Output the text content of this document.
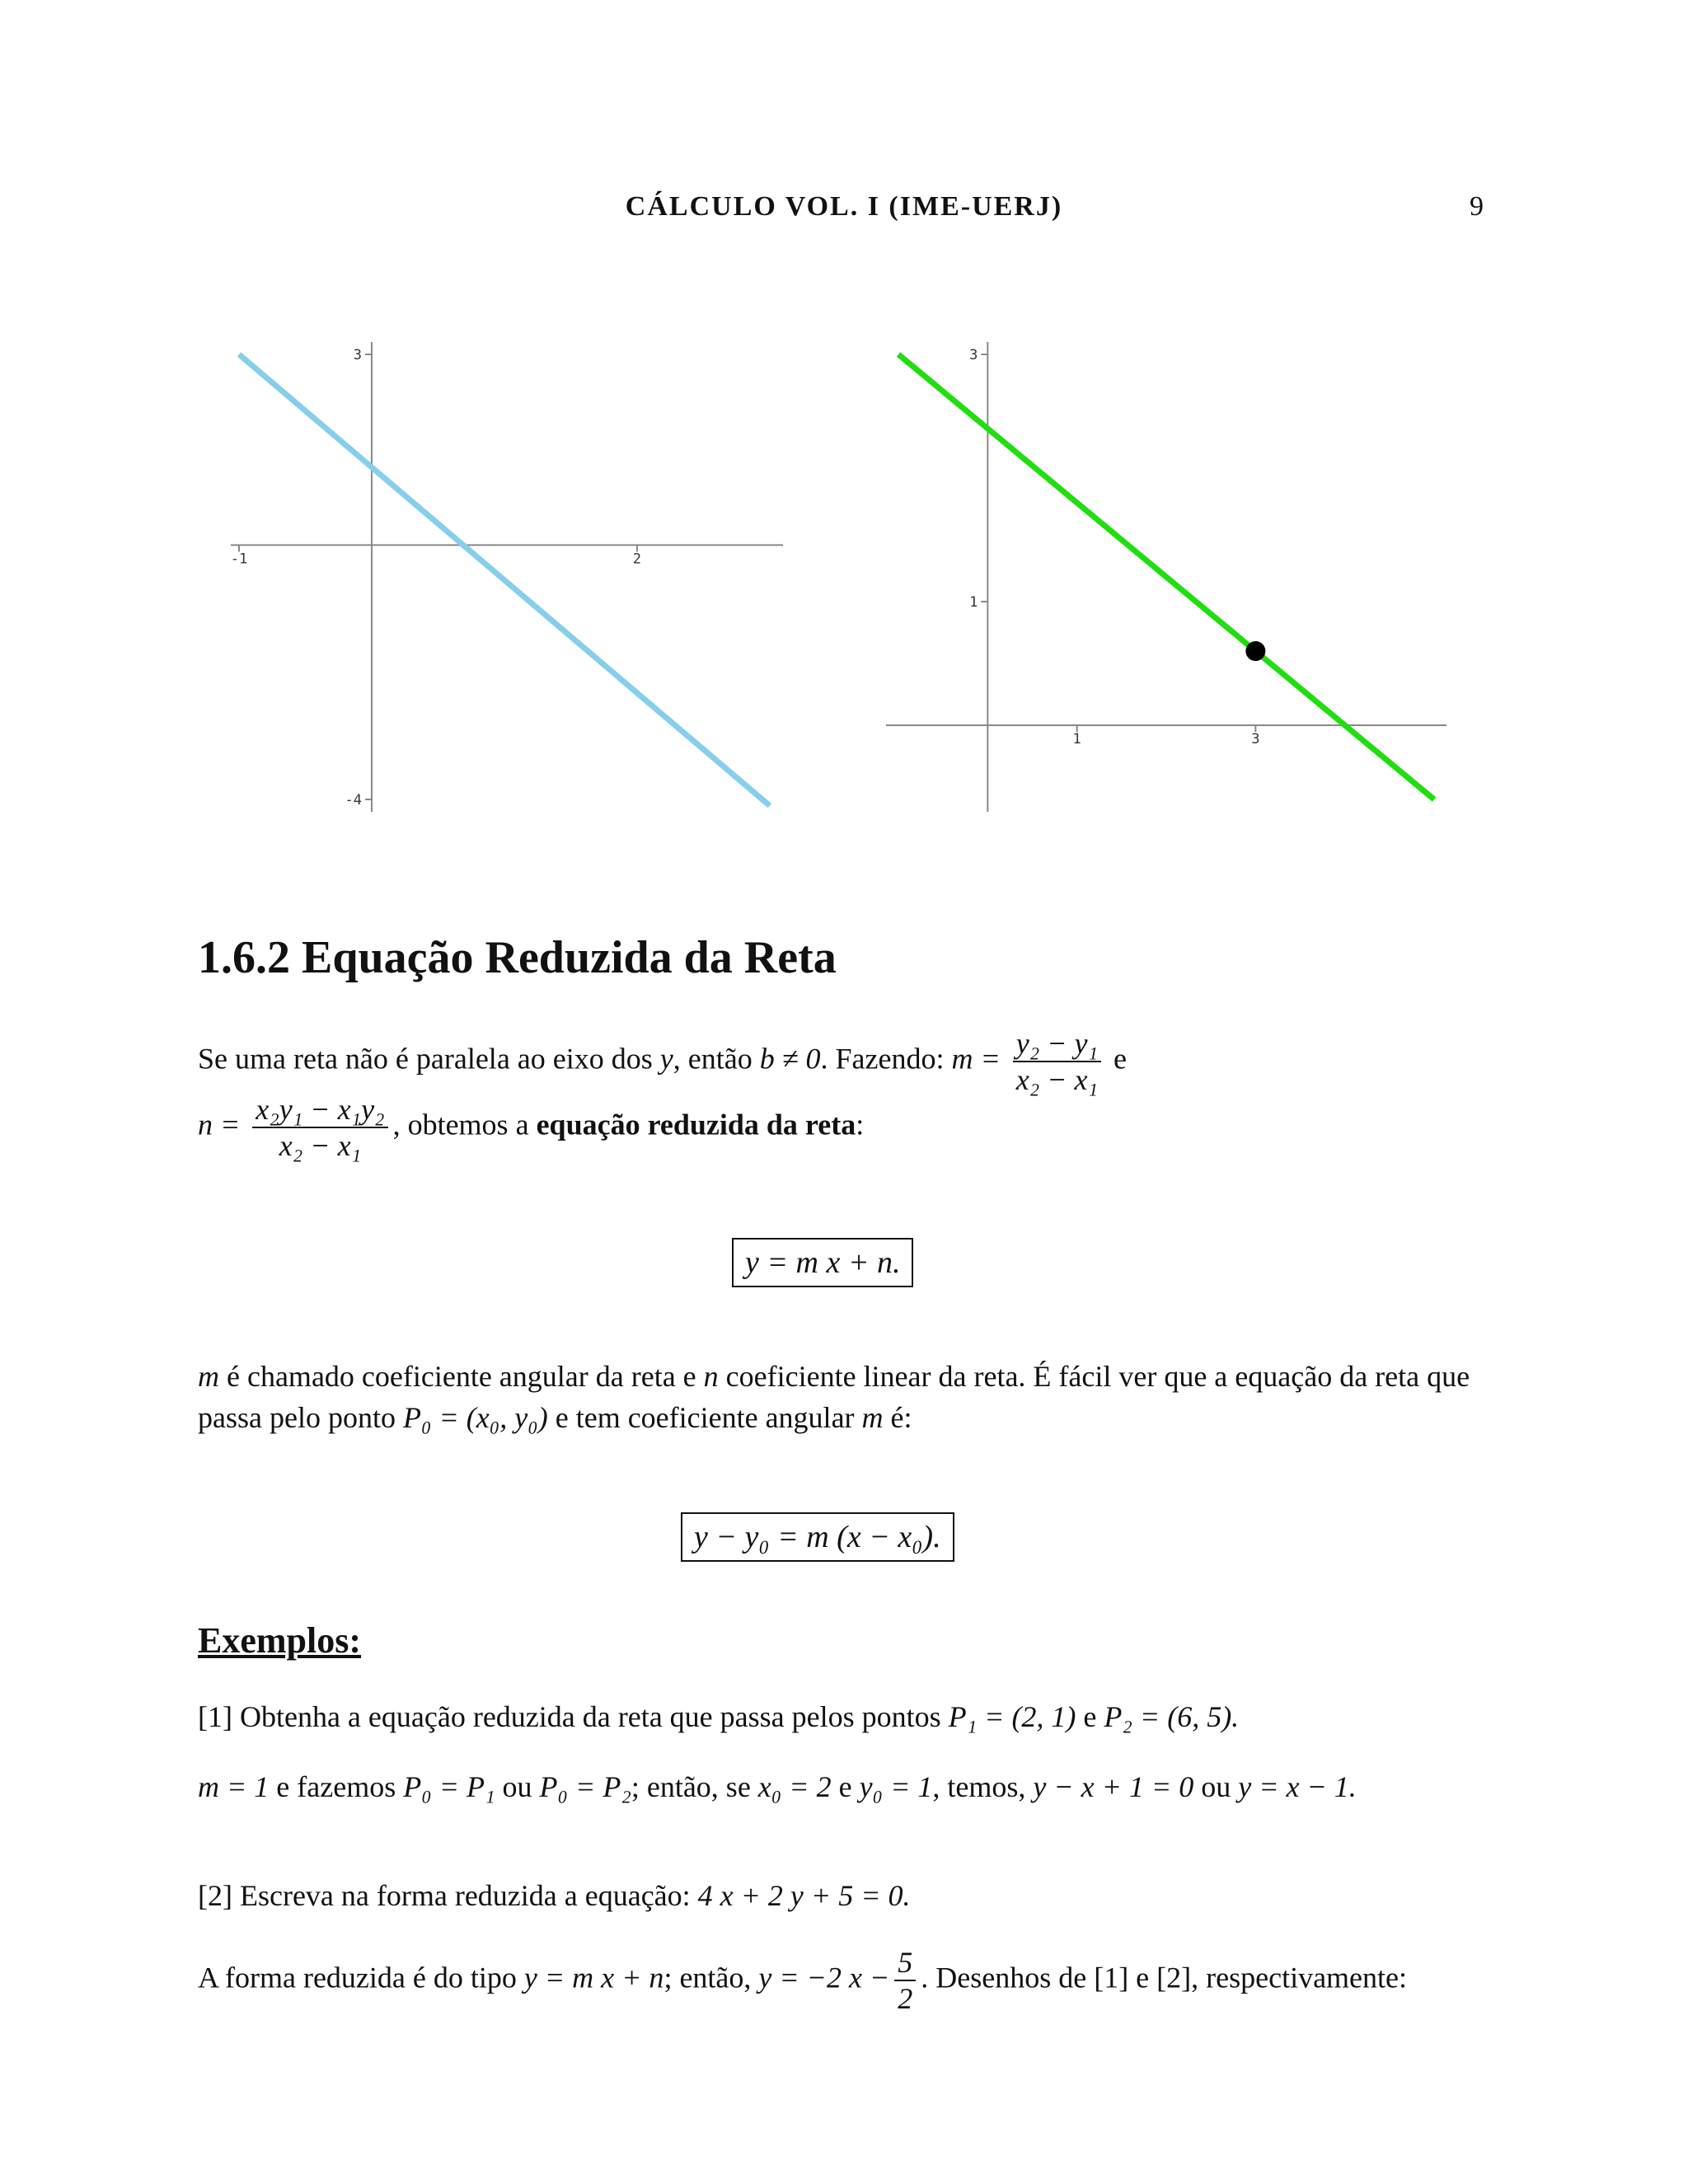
CÁLCULO VOL. I (IME-UERJ)	9
-1	2
3
-4
1	3
3
1
1.6.2 Equação Reduzida da Reta
Se uma reta não é paralela ao eixo dos y, então b ≠ 0. Fazendo: $m = \frac{\text{y₂ − y₁}}{\text{x₂ − x₁}}$ e
$n = \frac{\text{x₂y₁ − x₁y₂}}{\text{x₂ − x₁}}$ , obtemos a equação reduzida da reta:
y = m x + n.
m é chamado coeficiente angular da reta e n coeficiente linear da reta. É fácil ver que a equação da reta que passa pelo ponto P₀ = (x₀, y₀) e tem coeficiente angular m é:
y − y₀ = m (x − x₀).
Exemplos:
[1] Obtenha a equação reduzida da reta que passa pelos pontos P₁ = (2, 1) e P₂ = (6, 5).
m = 1 e fazemos P₀ = P₁ ou P₀ = P₂; então, se x₀ = 2 e y₀ = 1, temos, y − x + 1 = 0 ou y = x − 1.
[2] Escreva na forma reduzida a equação: 4 x + 2 y + 5 = 0.
A forma reduzida é do tipo y = m x + n; então, y = −2 $x - \frac{5}{2}$ . Desenhos de [1] e [2], respectivamente:
